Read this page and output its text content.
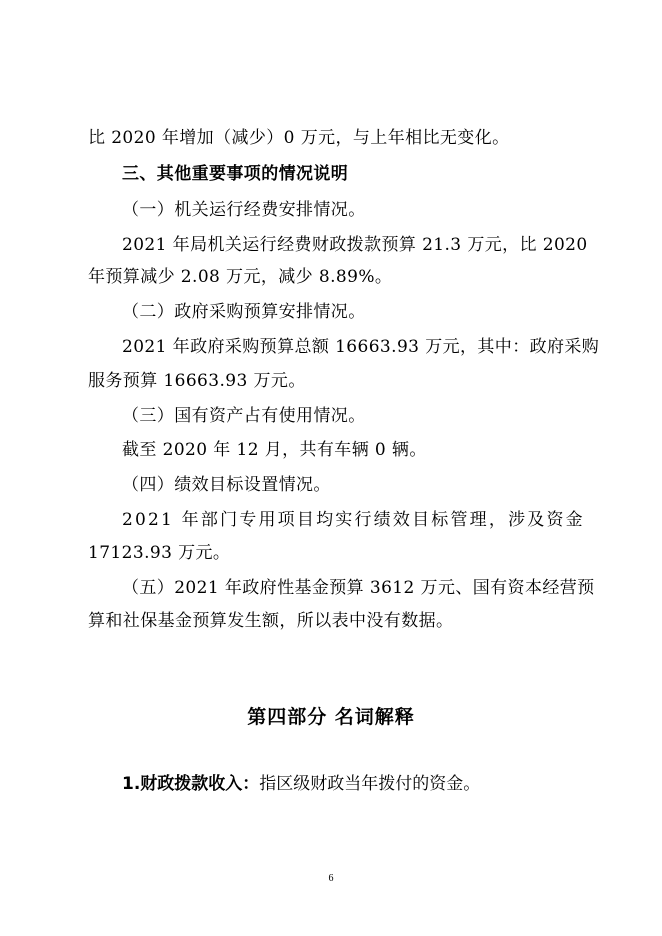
比 2020 年增加（减少）0 万元，与上年相比无变化。
三、其他重要事项的情况说明
（一）机关运行经费安排情况。
2021 年局机关运行经费财政拨款预算 21.3 万元，比 2020
年预算减少 2.08 万元，减少 8.89%。
（二）政府采购预算安排情况。
2021 年政府采购预算总额 16663.93 万元，其中：政府采购
服务预算 16663.93 万元。
（三）国有资产占有使用情况。
截至 2020 年 12 月，共有车辆 0 辆。
（四）绩效目标设置情况。
2021 年部门专用项目均实行绩效目标管理，涉及资金
17123.93 万元。
（五）2021 年政府性基金预算 3612 万元、国有资本经营预
算和社保基金预算发生额，所以表中没有数据。
第四部分 名词解释
1.财政拨款收入：指区级财政当年拨付的资金。
6
